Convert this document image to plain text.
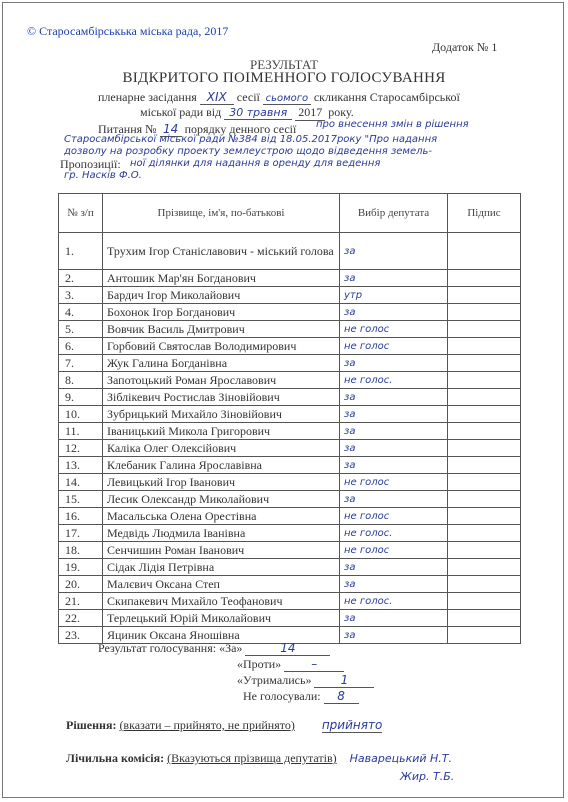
© Старосамбірськька міська рада, 2017
Додаток № 1
РЕЗУЛЬТАТ
ВІДКРИТОГО ПОІМЕННОГО ГОЛОСУВАННЯ
пленарне засідання XIX сесії сьомого скликання Старосамбірської
міської ради від 30 травня 2017 року.
Питання № 14 порядку денного сесії про внесення змін в рішення
Старосамбірської міської ради №384 від 18.05.2017року "Про надання
дозволу на розробку проекту землеустрою щодо відведення земель-
Пропозиції: ної ділянки для надання в оренду для ведення
гр. Насків Ф.О.
№ з/п	Прізвище, ім'я, по-батькові	Вибір депутата	Підпис
1.	Трухим Ігор Станіславович - міський голова	за	
2.	Антошик Мар'ян Богданович	за	
3.	Бардич Ігор Миколайович	утр	
4.	Бохонок Ігор Богданович	за	
5.	Вовчик Василь Дмитрович	не голос	
6.	Горбовий Святослав Володимирович	не голос	
7.	Жук Галина Богданівна	за	
8.	Запотоцький Роман Ярославович	не голос.	
9.	Зіблікевич Ростислав Зіновійович	за	
10.	Зубрицький Михайло Зіновійович	за	
11.	Іваницький Микола Григорович	за	
12.	Каліка Олег Олексійович	за	
13.	Клебаник Галина Ярославівна	за	
14.	Левицький Ігор Іванович	не голос	
15.	Лесик Олександр Миколайович	за	
16.	Масальська Олена Орестівна	не голос	
17.	Медвідь Людмила Іванівна	не голос.	
18.	Сенчишин Роман Іванович	не голос	
19.	Сідак Лідія Петрівна	за	
20.	Малєвич Оксана Степ	за	
21.	Скипакевич Михайло Теофанович	не голос.	
22.	Терлецький Юрій Миколайович	за	
23.	Яциник Оксана Яношівна	за	
Результат голосування: «За»	14
«Проти»	–
«Утримались» 1
Не голосували: 8
Рішення: (вказати – прийнято, не прийнято) прийнято
Лічильна комісія: (Вказуються прізвища депутатів) Наварецький Н.Т.
Жир. Т.Б.
